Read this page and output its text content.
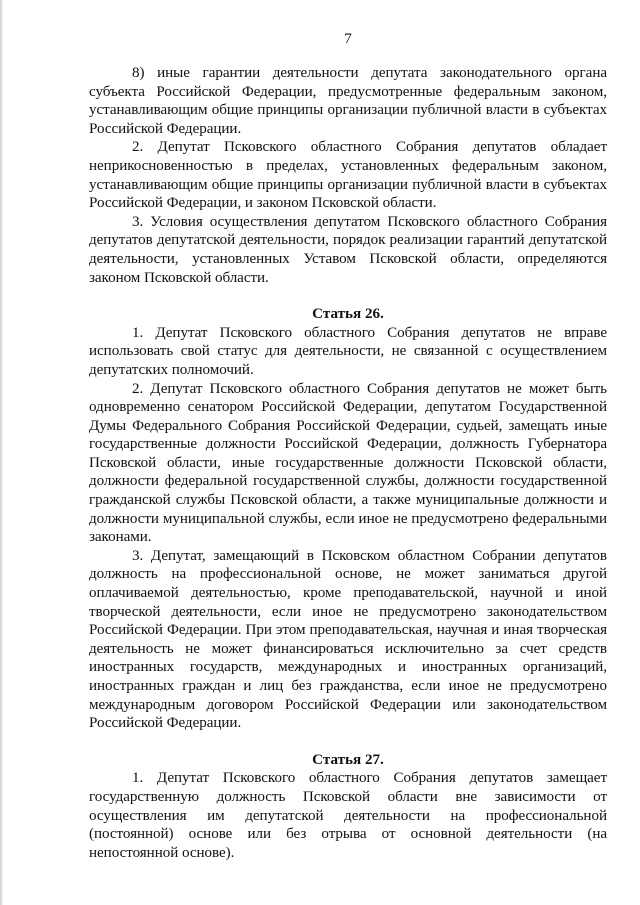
7

8) иные гарантии деятельности депутата законодательного органа субъекта Российской Федерации, предусмотренные федеральным законом, устанавливающим общие принципы организации публичной власти в субъектах Российской Федерации.

2. Депутат Псковского областного Собрания депутатов обладает неприкосновенностью в пределах, установленных федеральным законом, устанавливающим общие принципы организации публичной власти в субъектах Российской Федерации, и законом Псковской области.

3. Условия осуществления депутатом Псковского областного Собрания депутатов депутатской деятельности, порядок реализации гарантий депутатской деятельности, установленных Уставом Псковской области, определяются законом Псковской области.

Статья 26.

1. Депутат Псковского областного Собрания депутатов не вправе использовать свой статус для деятельности, не связанной с осуществлением депутатских полномочий.

2. Депутат Псковского областного Собрания депутатов не может быть одновременно сенатором Российской Федерации, депутатом Государственной Думы Федерального Собрания Российской Федерации, судьей, замещать иные государственные должности Российской Федерации, должность Губернатора Псковской области, иные государственные должности Псковской области, должности федеральной государственной службы, должности государственной гражданской службы Псковской области, а также муниципальные должности и должности муниципальной службы, если иное не предусмотрено федеральными законами.

3. Депутат, замещающий в Псковском областном Собрании депутатов должность на профессиональной основе, не может заниматься другой оплачиваемой деятельностью, кроме преподавательской, научной и иной творческой деятельности, если иное не предусмотрено законодательством Российской Федерации. При этом преподавательская, научная и иная творческая деятельность не может финансироваться исключительно за счет средств иностранных государств, международных и иностранных организаций, иностранных граждан и лиц без гражданства, если иное не предусмотрено международным договором Российской Федерации или законодательством Российской Федерации.

Статья 27.

1. Депутат Псковского областного Собрания депутатов замещает государственную должность Псковской области вне зависимости от осуществления им депутатской деятельности на профессиональной (постоянной) основе или без отрыва от основной деятельности (на непостоянной основе).
